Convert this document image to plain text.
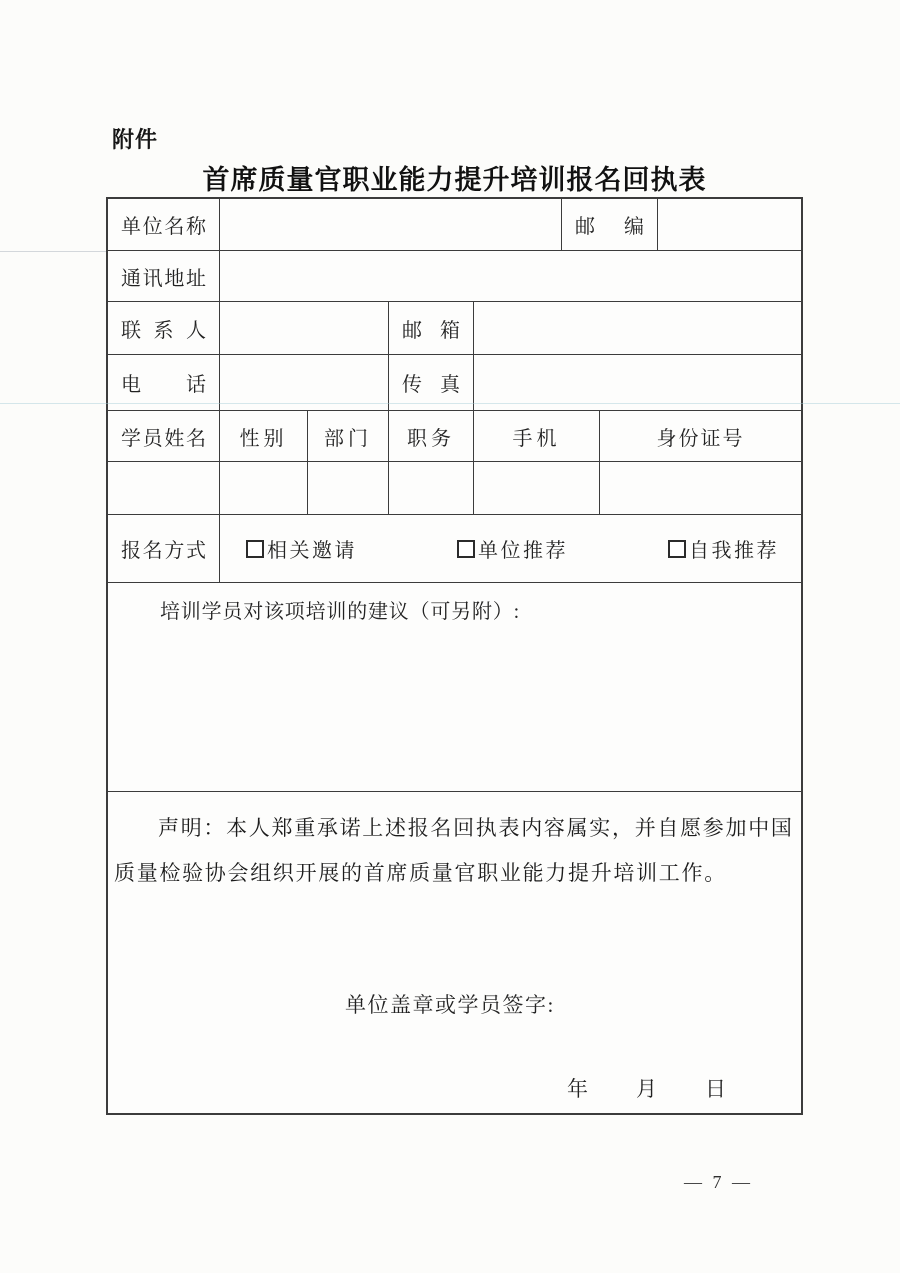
附件
首席质量官职业能力提升培训报名回执表
单位名称	邮编
通讯地址
联系人	邮箱
电话	传真
学员姓名 性别 部门 职务	手机	身份证号
报名方式	相关邀请	单位推荐	自我推荐
培训学员对该项培训的建议（可另附）:

声明：本人郑重承诺上述报名回执表内容属实，并自愿参加中国质量检验协会组织开展的首席质量官职业能力提升培训工作。

单位盖章或学员签字:
年　　月　　日
— 7 —
